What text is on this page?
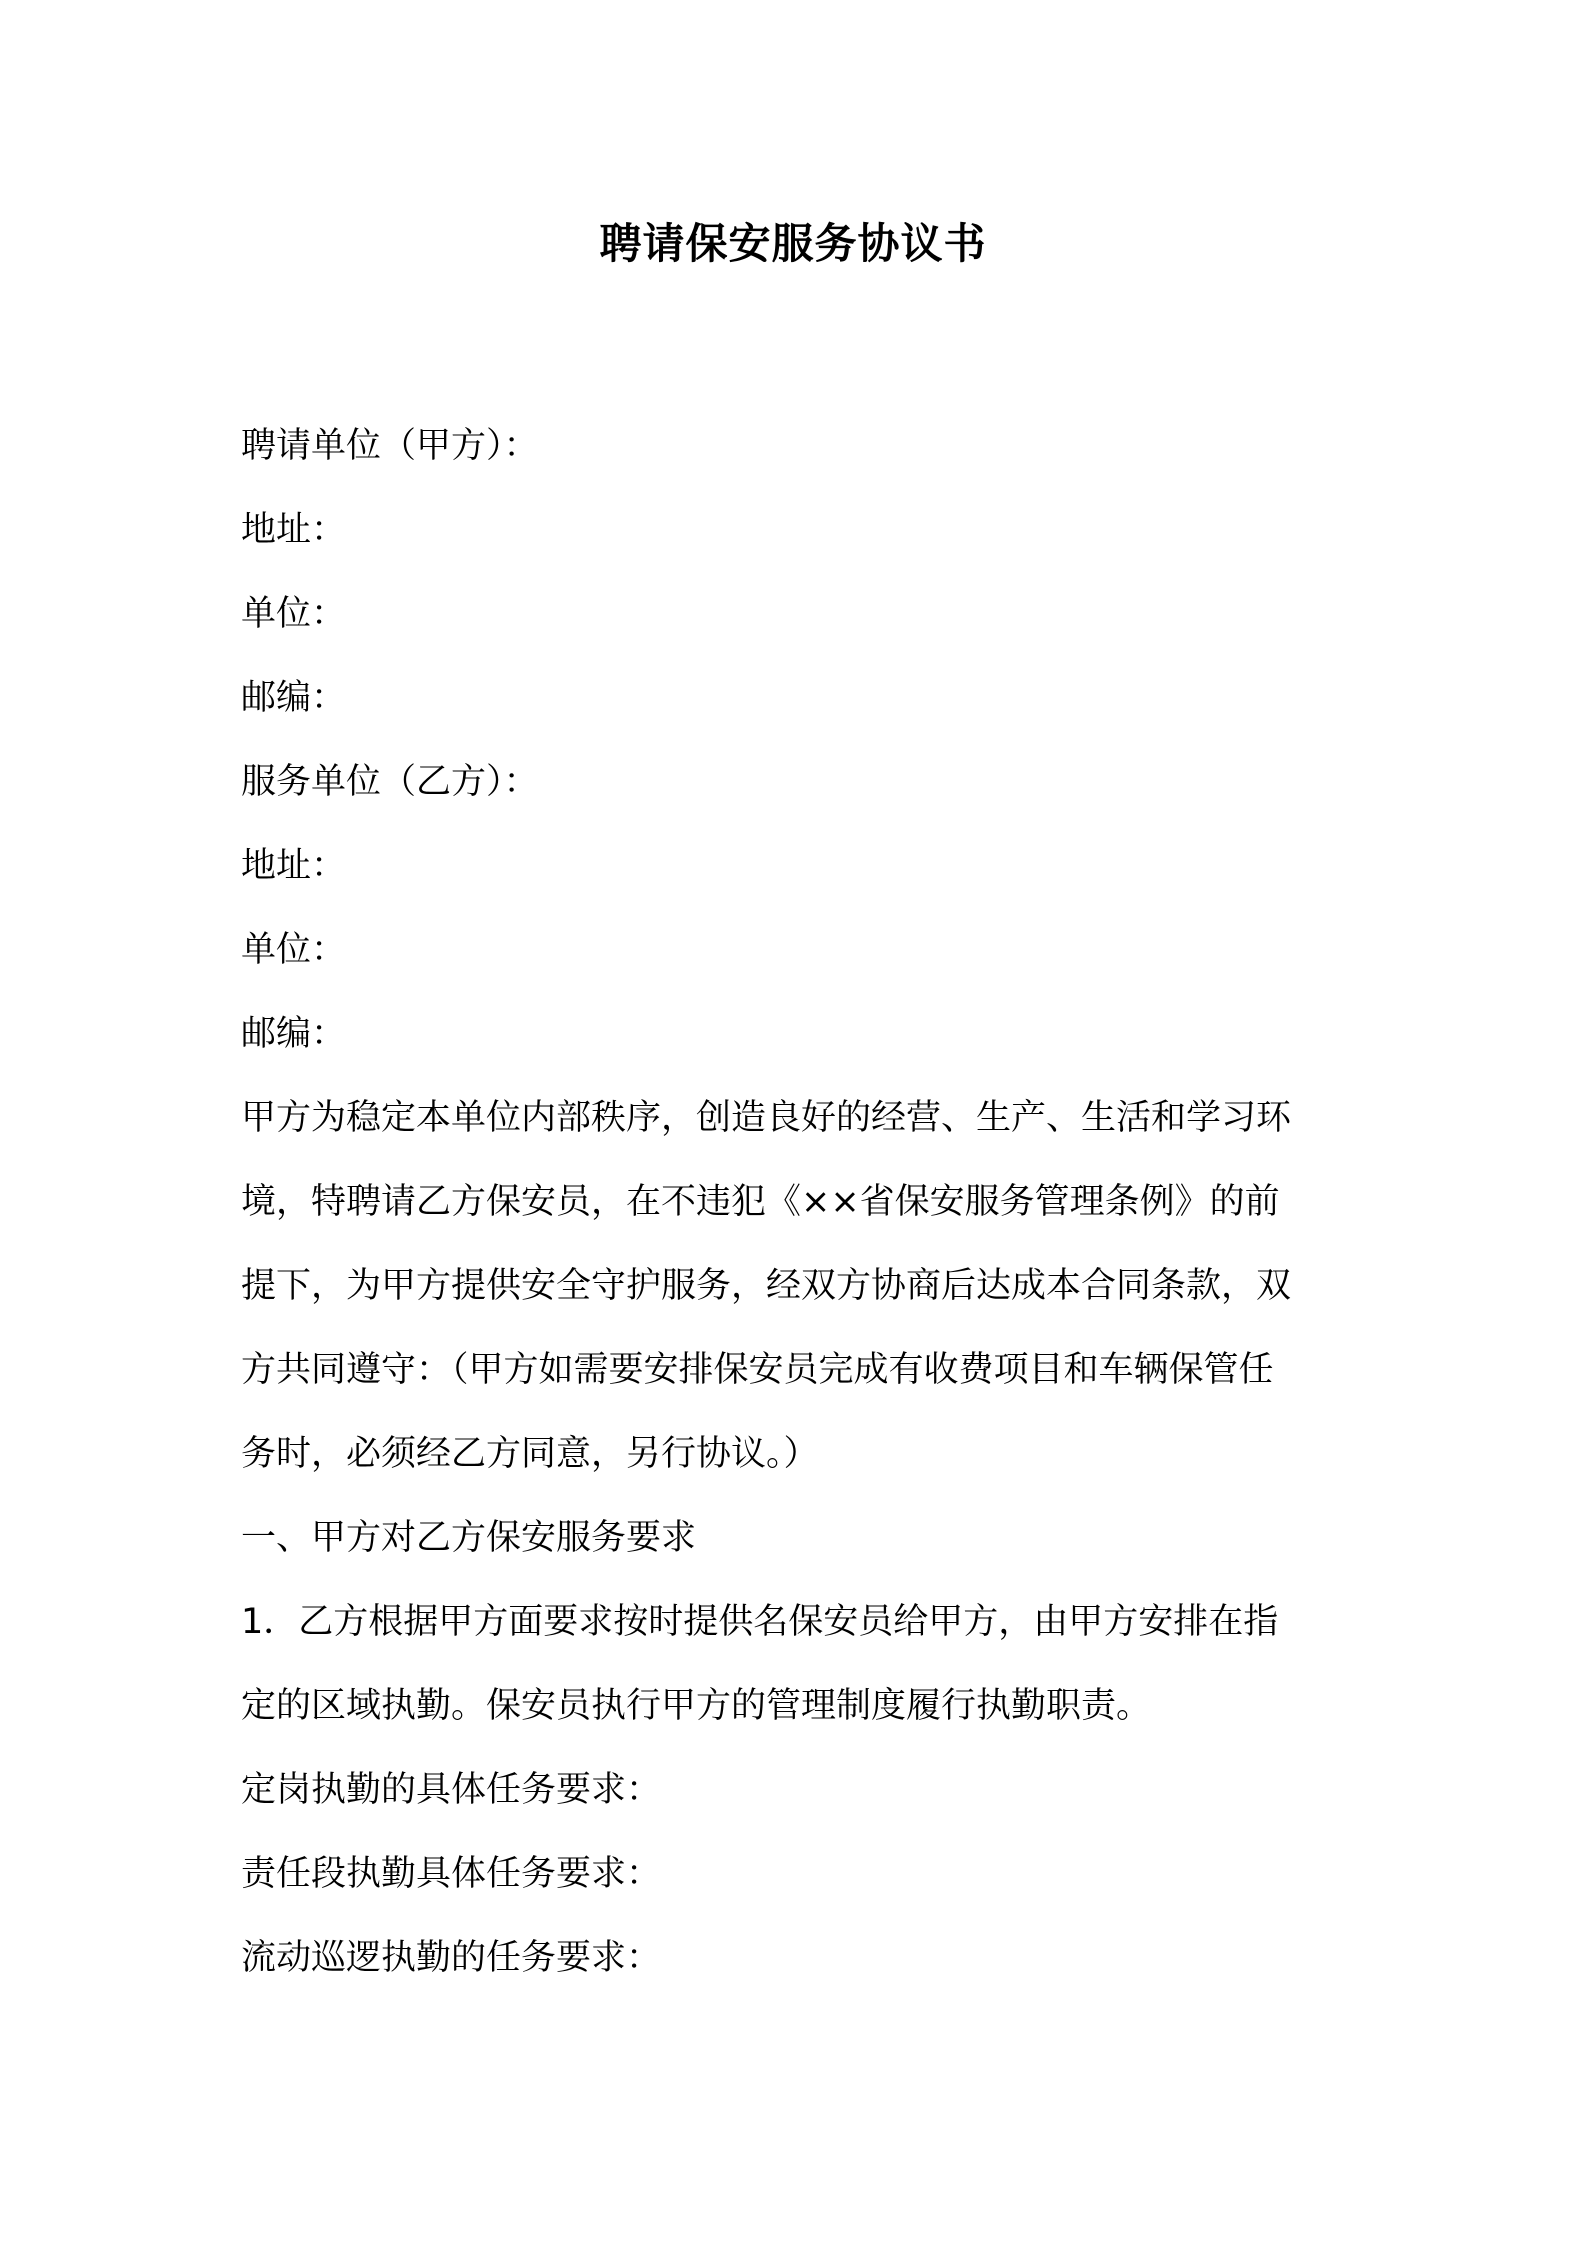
聘请保安服务协议书
聘请单位（甲方）：
地址：
单位：
邮编：
服务单位（乙方）：
地址：
单位：
邮编：
甲方为稳定本单位内部秩序，创造良好的经营、生产、生活和学习环
境，特聘请乙方保安员，在不违犯《××省保安服务管理条例》的前
提下，为甲方提供安全守护服务，经双方协商后达成本合同条款，双
方共同遵守：（甲方如需要安排保安员完成有收费项目和车辆保管任
务时，必须经乙方同意，另行协议。）
一、甲方对乙方保安服务要求
1．乙方根据甲方面要求按时提供名保安员给甲方，由甲方安排在指
定的区域执勤。保安员执行甲方的管理制度履行执勤职责。
定岗执勤的具体任务要求：
责任段执勤具体任务要求：
流动巡逻执勤的任务要求：
